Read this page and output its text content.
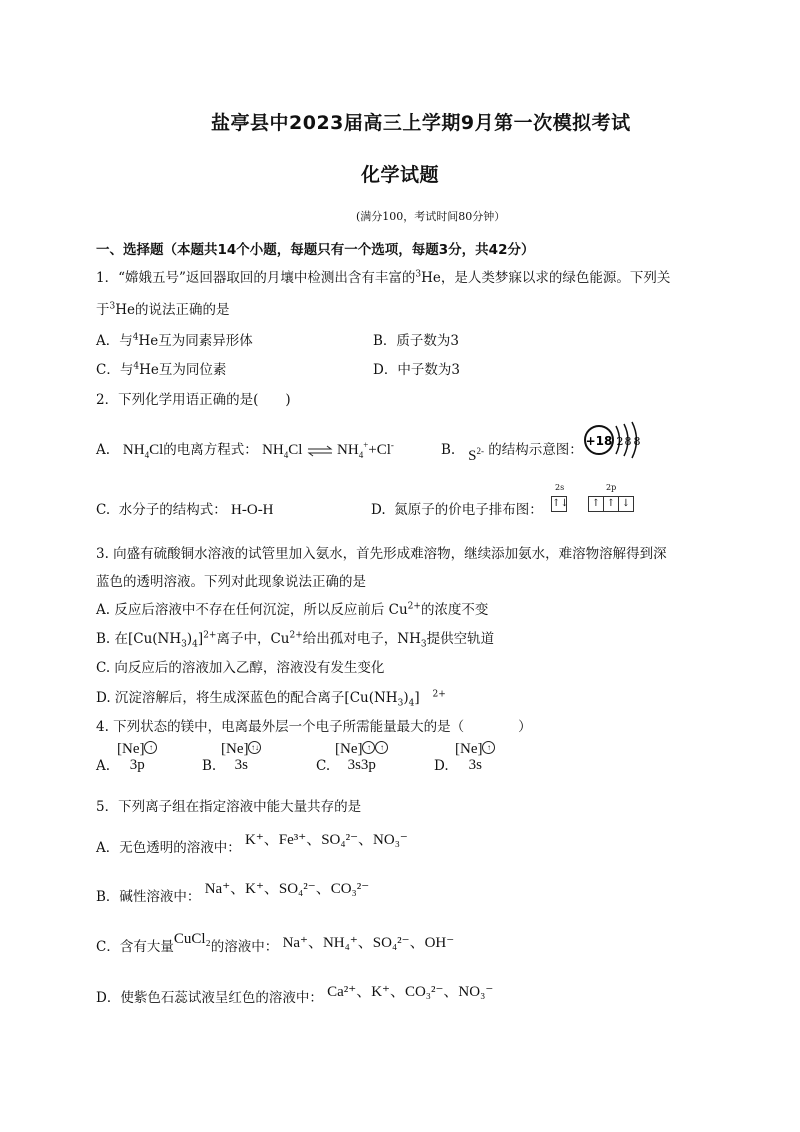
盐亭县中2023届高三上学期9月第一次模拟考试
化学试题
(满分100，考试时间80分钟）
一、选择题（本题共14个小题，每题只有一个选项，每题3分，共42分）
1．“嫦娥五号”返回器取回的月壤中检测出含有丰富的$^3$He，是人类梦寐以求的绿色能源。下列关
于$^3$He的说法正确的是
A．与$^4$He互为同素异形体	B．质子数为3
C．与$^4$He互为同位素	D．中子数为3
2．下列化学用语正确的是(　　)
A. $NH_4Cl$的电离方程式： $NH_4Cl$ ⇌ $NH_4^++Cl^-$	B. $S^{2-}$ 的结构示意图：
+18 2 8 8
C. 水分子的结构式： H-O-H	D. 氮原子的价电子排布图：
2s	2p
↑↓	↑ ↑ ↓
3. 向盛有硫酸铜水溶液的试管里加入氨水，首先形成难溶物，继续添加氨水，难溶物溶解得到深
蓝色的透明溶液。下列对此现象说法正确的是
A. 反应后溶液中不存在任何沉淀，所以反应前后 $Cu^{2+}$的浓度不变
B. 在$[Cu(NH_3)_4]^{2+}$离子中，$Cu^{2+}$给出孤对电子，$NH_3$提供空轨道
C. 向反应后的溶液加入乙醇，溶液没有发生变化
D. 沉淀溶解后，将生成深蓝色的配合离子$[Cu(NH_3)_4]$ $^{2+}$
4. 下列状态的镁中，电离最外层一个电子所需能量最大的是（　　　　）
A.
[Ne] ↑
3p	B.
[Ne] ↑↓
3s	C.
[Ne] ↑ ↑
3s3p	D.
[Ne] ↑
3s
5．下列离子组在指定溶液中能大量共存的是
A．无色透明的溶液中： K⁺、Fe³⁺、SO₄²⁻、NO₃⁻
B．碱性溶液中： Na⁺、K⁺、SO₄²⁻、CO₃²⁻
C．含有大量CuCl₂的溶液中： Na⁺、NH₄⁺、SO₄²⁻、OH⁻
D．使紫色石蕊试液呈红色的溶液中： Ca²⁺、K⁺、CO₃²⁻、NO₃⁻
